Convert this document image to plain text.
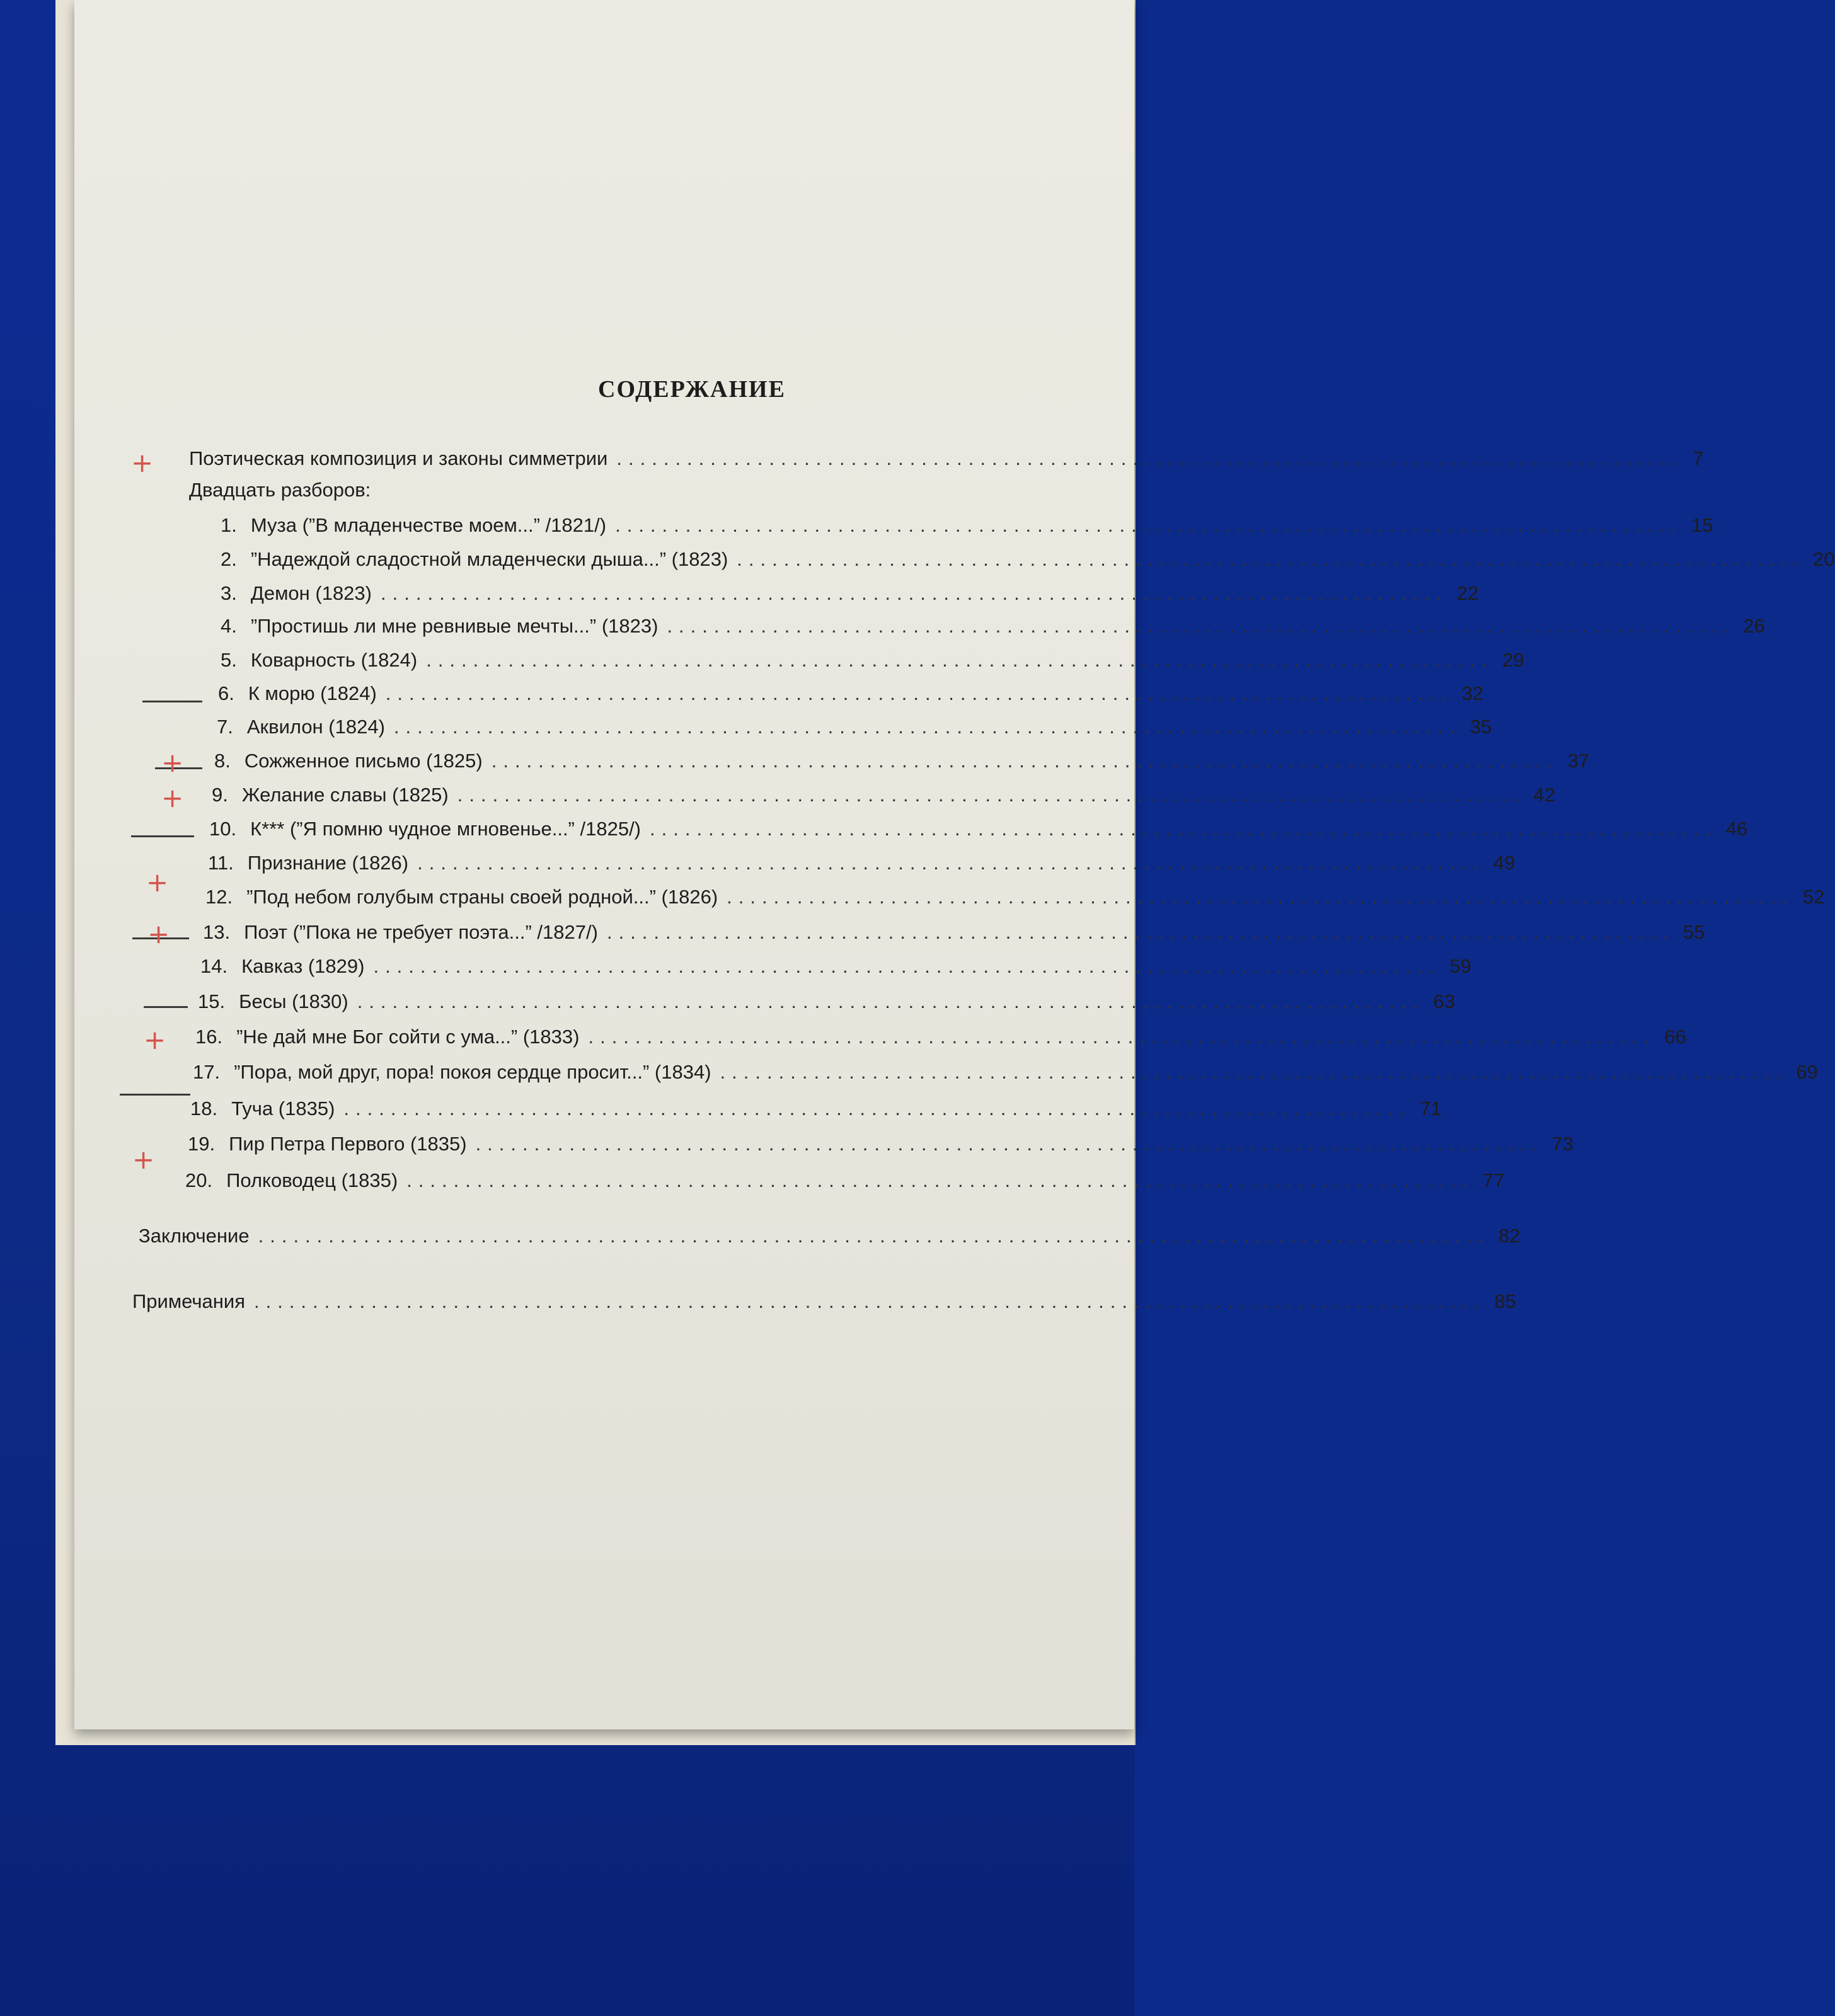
СОДЕРЖАНИЕ
Поэтическая композиция и законы симметрии ........................................................................................... 7
Двадцать разборов:
1. Муза (”В младенчестве моем...” /1821/) ........................................................................................... 15
2. ”Надеждой сладостной младенчески дыша...” (1823) ........................................................................................... 20
3. Демон (1823) ........................................................................................... 22
4. ”Простишь ли мне ревнивые мечты...” (1823) ........................................................................................... 26
5. Коварность (1824) ........................................................................................... 29
6. К морю (1824) ........................................................................................... 32
7. Аквилон (1824) ........................................................................................... 35
8. Сожженное письмо (1825) ........................................................................................... 37
9. Желание славы (1825) ........................................................................................... 42
10. К*** (”Я помню чудное мгновенье...” /1825/) ........................................................................................... 46
11. Признание (1826) ........................................................................................... 49
12. ”Под небом голубым страны своей родной...” (1826) ........................................................................................... 52
13. Поэт (”Пока не требует поэта...” /1827/) ........................................................................................... 55
14. Кавказ (1829) ........................................................................................... 59
15. Бесы (1830) ........................................................................................... 63
16. ”Не дай мне Бог сойти с ума...” (1833) ........................................................................................... 66
17. ”Пора, мой друг, пора! покоя сердце просит...” (1834) ........................................................................................... 69
18. Туча (1835) ........................................................................................... 71
19. Пир Петра Первого (1835) ........................................................................................... 73
20. Полководец (1835) ........................................................................................... 77
Заключение ......................................................................................................... 82
Примечания ......................................................................................................... 85
+
+
+
+
+
+
+
